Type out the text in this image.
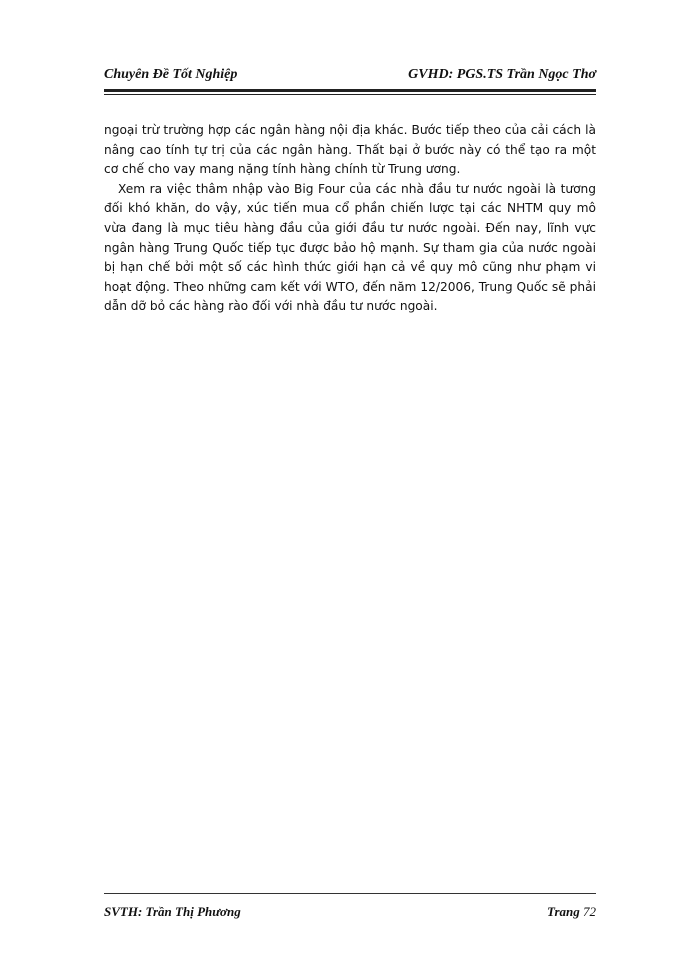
Chuyên Đề Tốt Nghiệp	GVHD: PGS.TS Trần Ngọc Thơ

ngoại trừ trường hợp các ngân hàng nội địa khác. Bước tiếp theo của cải cách là nâng cao tính tự trị của các ngân hàng. Thất bại ở bước này có thể tạo ra một cơ chế cho vay mang nặng tính hàng chính từ Trung ương.

Xem ra việc thâm nhập vào Big Four của các nhà đầu tư nước ngoài là tương đối khó khăn, do vậy, xúc tiến mua cổ phần chiến lược tại các NHTM quy mô vừa đang là mục tiêu hàng đầu của giới đầu tư nước ngoài. Đến nay, lĩnh vực ngân hàng Trung Quốc tiếp tục được bảo hộ mạnh. Sự tham gia của nước ngoài bị hạn chế bởi một số các hình thức giới hạn cả về quy mô cũng như phạm vi hoạt động. Theo những cam kết với WTO, đến năm 12/2006, Trung Quốc sẽ phải dẫn dỡ bỏ các hàng rào đối với nhà đầu tư nước ngoài.

SVTH: Trần Thị Phương	Trang 72
